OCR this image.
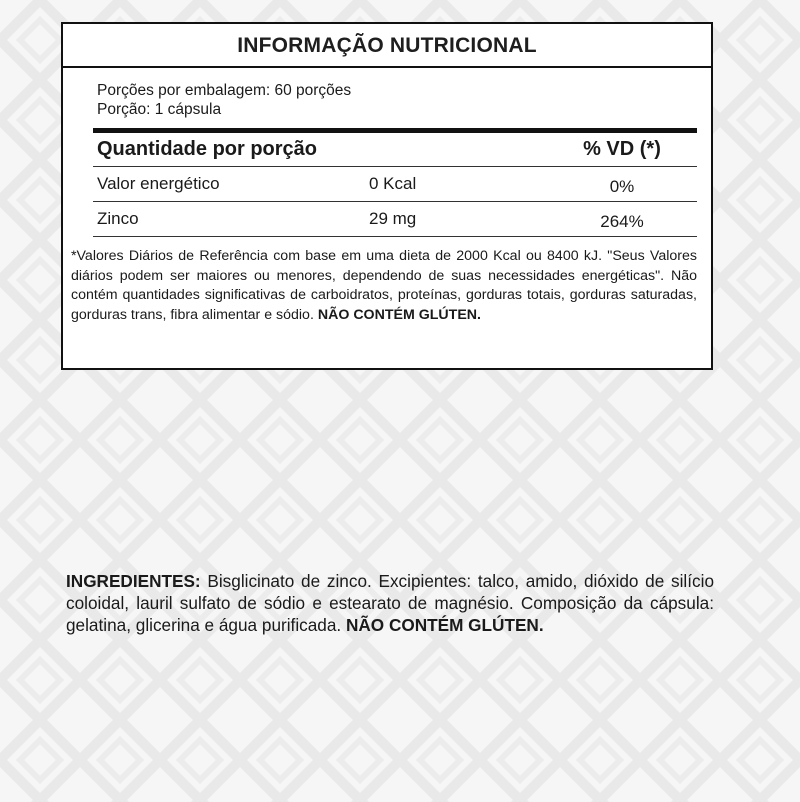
INFORMAÇÃO NUTRICIONAL
Porções por embalagem: 60 porções
Porção: 1 cápsula
Quantidade por porção	% VD (*)
Valor energético	0 Kcal	0%
Zinco	29 mg	264%
*Valores Diários de Referência com base em uma dieta de 2000 Kcal ou 8400 kJ. "Seus Valores diários podem ser maiores ou menores, dependendo de suas necessidades energéticas". Não contém quantidades significativas de carboidratos, proteínas, gorduras totais, gorduras saturadas, gorduras trans, fibra alimentar e sódio. NÃO CONTÉM GLÚTEN.
INGREDIENTES: Bisglicinato de zinco. Excipientes: talco, amido, dióxido de silício coloidal, lauril sulfato de sódio e estearato de magnésio. Composição da cápsula: gelatina, glicerina e água purificada. NÃO CONTÉM GLÚTEN.
